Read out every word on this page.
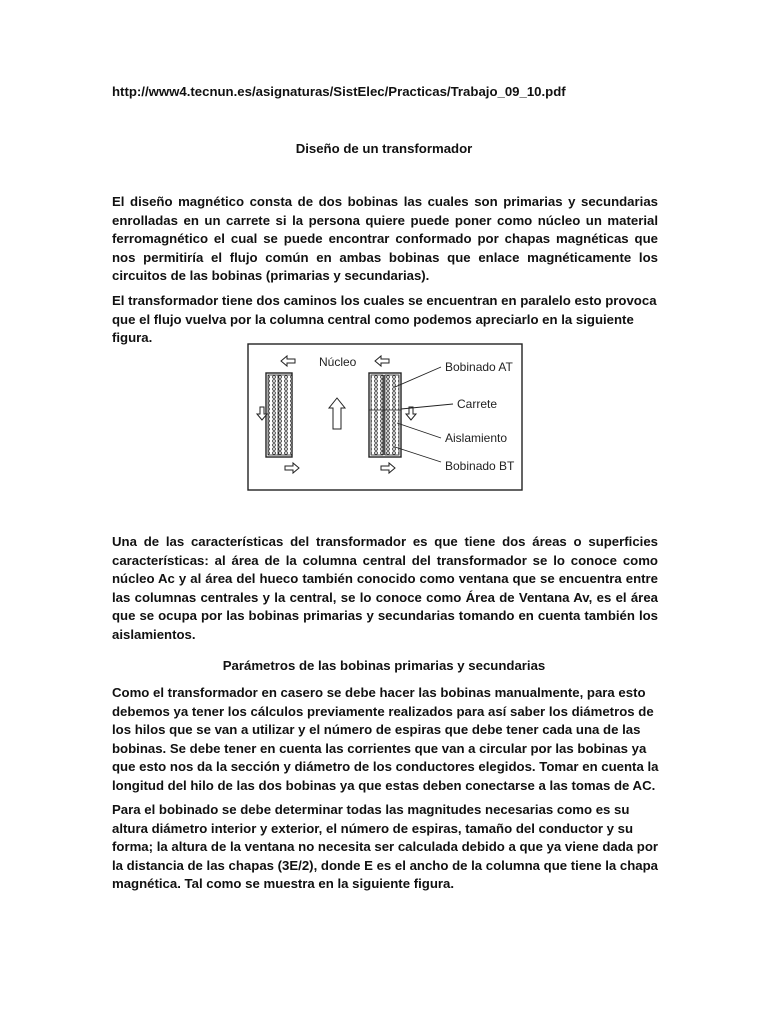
http://www4.tecnun.es/asignaturas/SistElec/Practicas/Trabajo_09_10.pdf
Diseño de un transformador

El diseño magnético consta de dos bobinas las cuales son primarias y secundarias enrolladas en un carrete si la persona quiere puede poner como núcleo un material ferromagnético el cual se puede encontrar conformado por chapas magnéticas que nos permitiría el flujo común en ambas bobinas que enlace magnéticamente los circuitos de las bobinas (primarias y secundarias).

El transformador tiene dos caminos los cuales se encuentran en paralelo esto provoca que el flujo vuelva por la columna central como podemos apreciarlo en la siguiente figura.

Núcleo	Bobinado AT
Carrete
Aislamiento
Bobinado BT

Una de las características del transformador es que tiene dos áreas o superficies características: al área de la columna central del transformador se lo conoce como núcleo Ac y al área del hueco también conocido como ventana que se encuentra entre las columnas centrales y la central, se lo conoce como Área de Ventana Av, es el área que se ocupa por las bobinas primarias y secundarias tomando en cuenta también los aislamientos.

Parámetros de las bobinas primarias y secundarias

Como el transformador en casero se debe hacer las bobinas manualmente, para esto debemos ya tener los cálculos previamente realizados para así saber los diámetros de los hilos que se van a utilizar y el número de espiras que debe tener cada una de las bobinas. Se debe tener en cuenta las corrientes que van a circular por las bobinas ya que esto nos da la sección y diámetro de los conductores elegidos. Tomar en cuenta la longitud del hilo de las dos bobinas ya que estas deben conectarse a las tomas de AC.

Para el bobinado se debe determinar todas las magnitudes necesarias como es su altura diámetro interior y exterior, el número de espiras, tamaño del conductor y su forma; la altura de la ventana no necesita ser calculada debido a que ya viene dada por la distancia de las chapas (3E/2), donde E es el ancho de la columna que tiene la chapa magnética. Tal como se muestra en la siguiente figura.
